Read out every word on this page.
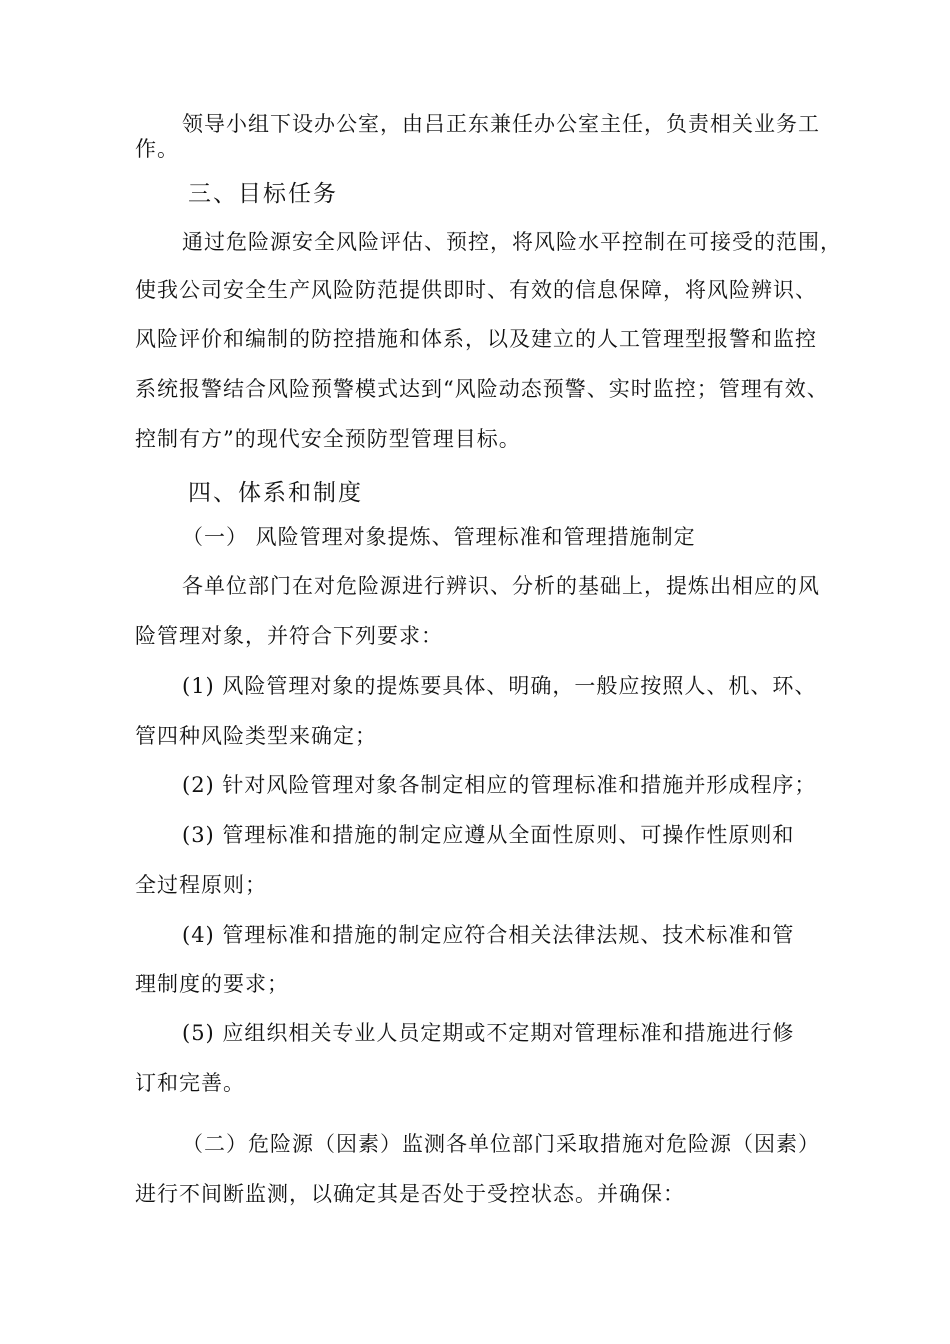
领导小组下设办公室，由吕正东兼任办公室主任，负责相关业务工
作。
三、目标任务
通过危险源安全风险评估、预控，将风险水平控制在可接受的范围，
使我公司安全生产风险防范提供即时、有效的信息保障，将风险辨识、
风险评价和编制的防控措施和体系，以及建立的人工管理型报警和监控
系统报警结合风险预警模式达到“风险动态预警、实时监控；管理有效、
控制有方”的现代安全预防型管理目标。
四、体系和制度
（一） 风险管理对象提炼、管理标准和管理措施制定
各单位部门在对危险源进行辨识、分析的基础上，提炼出相应的风
险管理对象，并符合下列要求：
(1) 风险管理对象的提炼要具体、明确，一般应按照人、机、环、
管四种风险类型来确定；
(2) 针对风险管理对象各制定相应的管理标准和措施并形成程序；
(3) 管理标准和措施的制定应遵从全面性原则、可操作性原则和
全过程原则；
(4) 管理标准和措施的制定应符合相关法律法规、技术标准和管
理制度的要求；
(5) 应组织相关专业人员定期或不定期对管理标准和措施进行修
订和完善。
（二）危险源（因素）监测各单位部门采取措施对危险源（因素）
进行不间断监测，以确定其是否处于受控状态。并确保：
